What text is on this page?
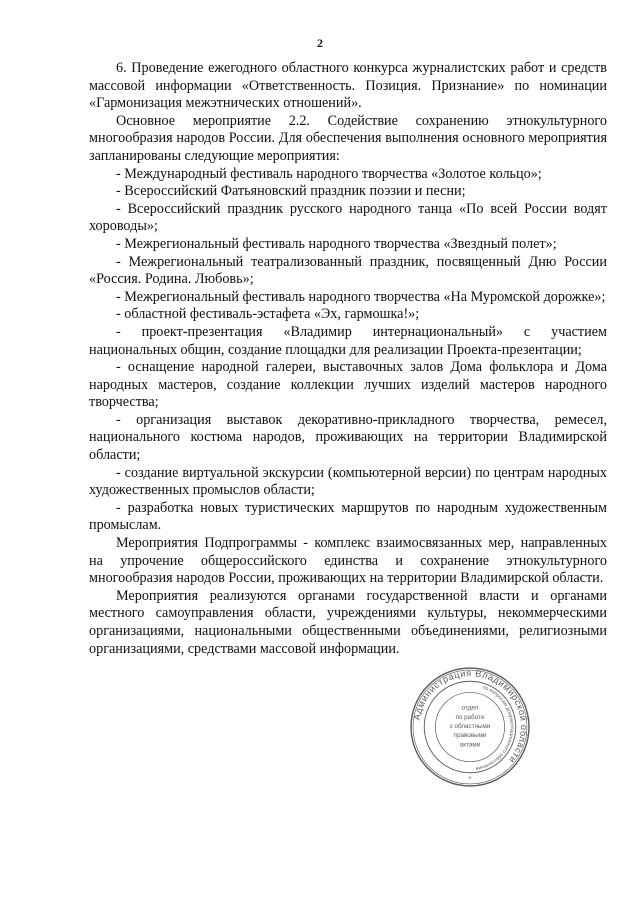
2

6. Проведение ежегодного областного конкурса журналистских работ и средств массовой информации «Ответственность. Позиция. Признание» по номинации «Гармонизация межэтнических отношений».

Основное мероприятие 2.2. Содействие сохранению этнокультурного многообразия народов России. Для обеспечения выполнения основного мероприятия запланированы следующие мероприятия:

- Международный фестиваль народного творчества «Золотое кольцо»;

- Всероссийский Фатьяновский праздник поэзии и песни;

- Всероссийский праздник русского народного танца «По всей России водят хороводы»;

- Межрегиональный фестиваль народного творчества «Звездный полет»;

- Межрегиональный театрализованный праздник, посвященный Дню России «Россия. Родина. Любовь»;

- Межрегиональный фестиваль народного творчества «На Муромской дорожке»;

- областной фестиваль-эстафета «Эх, гармошка!»;

- проект-презентация «Владимир интернациональный» с участием национальных общин, создание площадки для реализации Проекта-презентации;

- оснащение народной галереи, выставочных залов Дома фольклора и Дома народных мастеров, создание коллекции лучших изделий мастеров народного творчества;

- организация выставок декоративно-прикладного творчества, ремесел, национального костюма народов, проживающих на территории Владимирской области;

- создание виртуальной экскурсии (компьютерной версии) по центрам народных художественных промыслов области;

- разработка новых туристических маршрутов по народным художественным промыслам.

Мероприятия Подпрограммы - комплекс взаимосвязанных мер, направленных на упрочение общероссийского единства и сохранение этнокультурного многообразия народов России, проживающих на территории Владимирской области.

Мероприятия реализуются органами государственной власти и органами местного самоуправления области, учреждениями культуры, некоммерческими организациями, национальными общественными объединениями, религиозными организациями, средствами массовой информации.

Администрация Владимирской области
по вопросам документационного обеспечения
отдел
по работе
с областными
правовыми
актами
*
